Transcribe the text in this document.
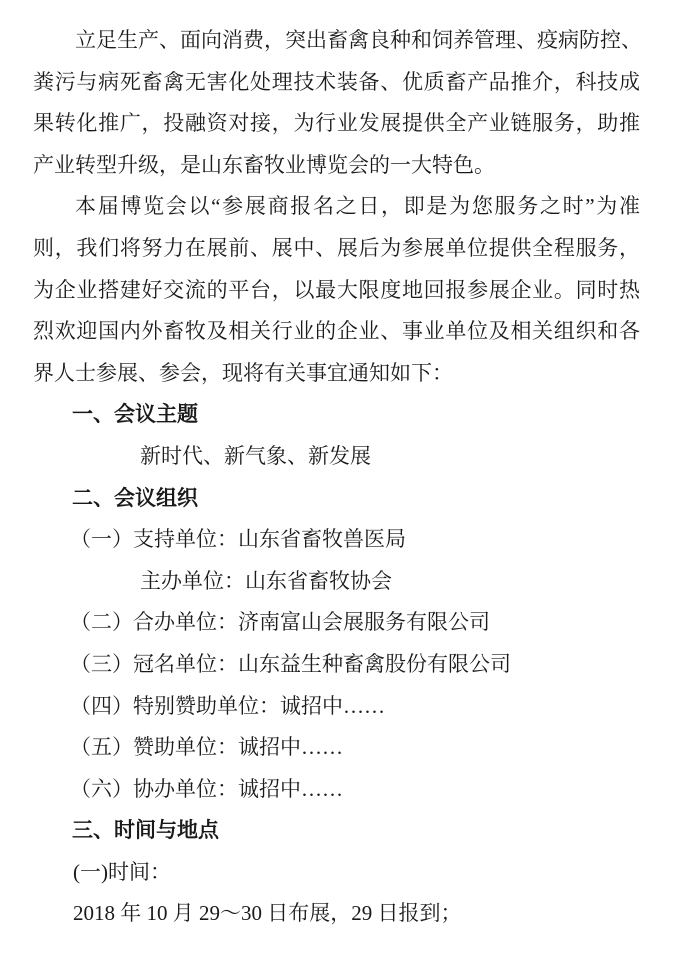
立足生产、面向消费，突出畜禽良种和饲养管理、疫病防控、
粪污与病死畜禽无害化处理技术装备、优质畜产品推介，科技成
果转化推广，投融资对接，为行业发展提供全产业链服务，助推
产业转型升级，是山东畜牧业博览会的一大特色。
本届博览会以“参展商报名之日，即是为您服务之时”为准
则，我们将努力在展前、展中、展后为参展单位提供全程服务，
为企业搭建好交流的平台，以最大限度地回报参展企业。同时热
烈欢迎国内外畜牧及相关行业的企业、事业单位及相关组织和各
界人士参展、参会，现将有关事宜通知如下：
一、会议主题
新时代、新气象、新发展
二、会议组织
（一）支持单位：山东省畜牧兽医局
主办单位：山东省畜牧协会
（二）合办单位：济南富山会展服务有限公司
（三）冠名单位：山东益生种畜禽股份有限公司
（四）特别赞助单位：诚招中……
（五）赞助单位：诚招中……
（六）协办单位：诚招中……
三、时间与地点
(一)时间：
2018 年 10 月 29～30 日布展，29 日报到；
